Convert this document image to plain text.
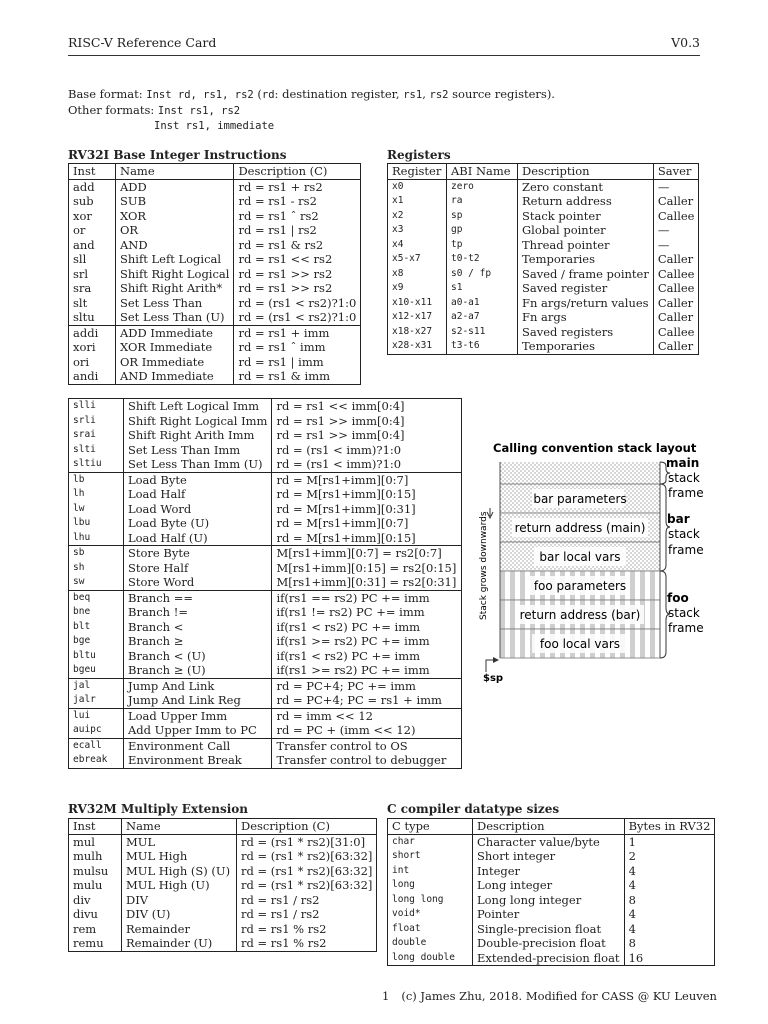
RISC-V Reference Card	V0.3
Base format: Inst rd, rs1, rs2 (rd: destination register, rs1, rs2 source registers).
Other formats: Inst rs1, rs2
Inst rs1, immediate
RV32I Base Integer Instructions	Registers
Inst	Name	Description (C)
add	ADD	rd = rs1 + rs2
sub	SUB	rd = rs1 - rs2
xor	XOR	rd = rs1 ˆ rs2
or	OR	rd = rs1 | rs2
and	AND	rd = rs1 & rs2
sll	Shift Left Logical	rd = rs1 << rs2
srl	Shift Right Logical	rd = rs1 >> rs2
sra	Shift Right Arith*	rd = rs1 >> rs2
slt	Set Less Than	rd = (rs1 < rs2)?1:0
sltu	Set Less Than (U)	rd = (rs1 < rs2)?1:0
addi	ADD Immediate	rd = rs1 + imm
xori	XOR Immediate	rd = rs1 ˆ imm
ori	OR Immediate	rd = rs1 | imm
andi	AND Immediate	rd = rs1 & imm
slli	Shift Left Logical Imm	rd = rs1 << imm[0:4]
srli	Shift Right Logical Imm	rd = rs1 >> imm[0:4]
srai	Shift Right Arith Imm	rd = rs1 >> imm[0:4]
slti	Set Less Than Imm	rd = (rs1 < imm)?1:0
sltiu	Set Less Than Imm (U)	rd = (rs1 < imm)?1:0
lb	Load Byte	rd = M[rs1+imm][0:7]
lh	Load Half	rd = M[rs1+imm][0:15]
lw	Load Word	rd = M[rs1+imm][0:31]
lbu	Load Byte (U)	rd = M[rs1+imm][0:7]
lhu	Load Half (U)	rd = M[rs1+imm][0:15]
sb	Store Byte	M[rs1+imm][0:7] = rs2[0:7]
sh	Store Half	M[rs1+imm][0:15] = rs2[0:15]
sw	Store Word	M[rs1+imm][0:31] = rs2[0:31]
beq	Branch ==	if(rs1 == rs2) PC += imm
bne	Branch !=	if(rs1 != rs2) PC += imm
blt	Branch <	if(rs1 < rs2) PC += imm
bge	Branch ≥	if(rs1 >= rs2) PC += imm
bltu	Branch < (U)	if(rs1 < rs2) PC += imm
bgeu	Branch ≥ (U)	if(rs1 >= rs2) PC += imm
jal	Jump And Link	rd = PC+4; PC += imm
jalr	Jump And Link Reg	rd = PC+4; PC = rs1 + imm
lui	Load Upper Imm	rd = imm << 12
auipc	Add Upper Imm to PC	rd = PC + (imm << 12)
ecall	Environment Call	Transfer control to OS
ebreak	Environment Break	Transfer control to debugger
Register	ABI Name	Description	Saver
x0	zero	Zero constant	—
x1	ra	Return address	Caller
x2	sp	Stack pointer	Callee
x3	gp	Global pointer	—
x4	tp	Thread pointer	—
x5-x7	t0-t2	Temporaries	Caller
x8	s0 / fp	Saved / frame pointer	Callee
x9	s1	Saved register	Callee
x10-x11	a0-a1	Fn args/return values	Caller
x12-x17	a2-a7	Fn args	Caller
x18-x27	s2-s11	Saved registers	Callee
x28-x31	t3-t6	Temporaries	Caller
Calling convention stack layout
bar parameters
return address (main)
bar local vars
foo parameters
return address (bar)
foo local vars
main
stack
frame
bar
stack
frame
foo
stack
frame
Stack grows downwards
$sp
RV32M Multiply Extension	C compiler datatype sizes
Inst	Name	Description (C)
mul	MUL	rd = (rs1 * rs2)[31:0]
mulh	MUL High	rd = (rs1 * rs2)[63:32]
mulsu	MUL High (S) (U)	rd = (rs1 * rs2)[63:32]
mulu	MUL High (U)	rd = (rs1 * rs2)[63:32]
div	DIV	rd = rs1 / rs2
divu	DIV (U)	rd = rs1 / rs2
rem	Remainder	rd = rs1 % rs2
remu	Remainder (U)	rd = rs1 % rs2
C type	Description	Bytes in RV32
char	Character value/byte	1
short	Short integer	2
int	Integer	4
long	Long integer	4
long long	Long long integer	8
void*	Pointer	4
float	Single-precision float	4
double	Double-precision float	8
long double	Extended-precision float	16
1 (c) James Zhu, 2018. Modified for CASS @ KU Leuven
